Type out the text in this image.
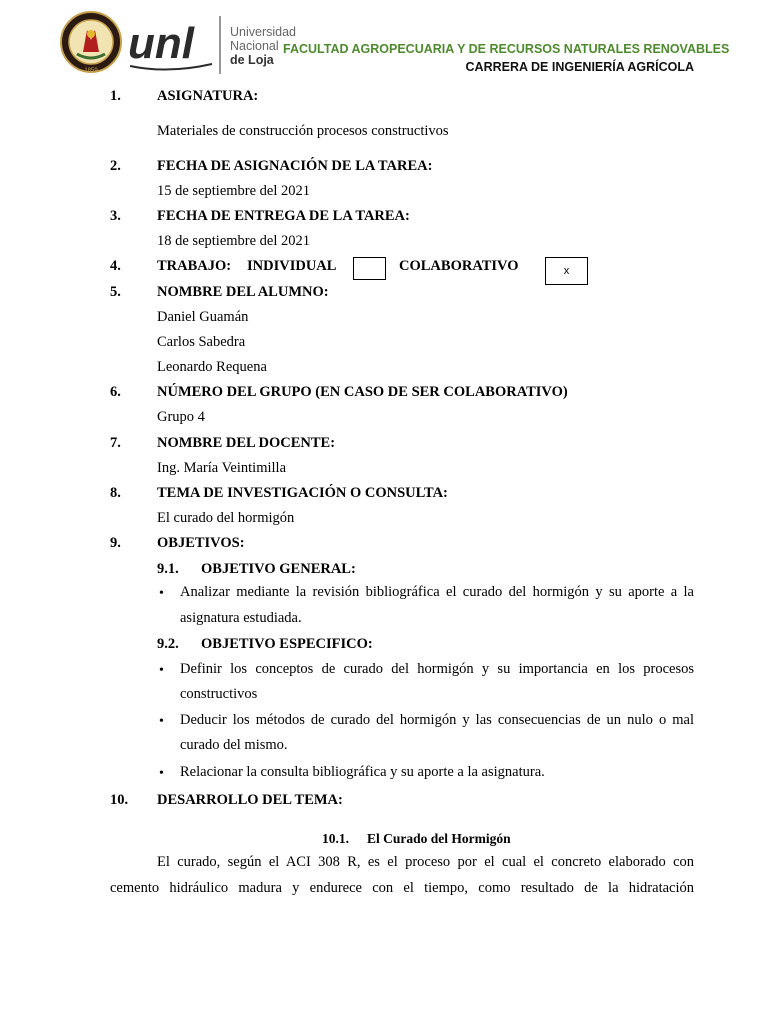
1859
unl	Universidad
Nacional
de Loja
FACULTAD AGROPECUARIA Y DE RECURSOS NATURALES RENOVABLES
CARRERA DE INGENIERÍA AGRÍCOLA
1. ASIGNATURA:
Materiales de construcción procesos constructivos
2. FECHA DE ASIGNACIÓN DE LA TAREA:
15 de septiembre del 2021
3. FECHA DE ENTREGA DE LA TAREA:
18 de septiembre del 2021
4. TRABAJO: INDIVIDUAL	COLABORATIVO	x
5. NOMBRE DEL ALUMNO:
Daniel Guamán
Carlos Sabedra
Leonardo Requena
6. NÚMERO DEL GRUPO (EN CASO DE SER COLABORATIVO)
Grupo 4
7. NOMBRE DEL DOCENTE:
Ing. María Veintimilla
8. TEMA DE INVESTIGACIÓN O CONSULTA:
El curado del hormigón
9. OBJETIVOS:
9.1. OBJETIVO GENERAL:
• Analizar mediante la revisión bibliográfica el curado del hormigón y su aporte a la
asignatura estudiada.
9.2. OBJETIVO ESPECIFICO:
• Definir los conceptos de curado del hormigón y su importancia en los procesos
constructivos
• Deducir los métodos de curado del hormigón y las consecuencias de un nulo o mal
curado del mismo.
• Relacionar la consulta bibliográfica y su aporte a la asignatura.
10. DESARROLLO DEL TEMA:
10.1. El Curado del Hormigón
El curado, según el ACI 308 R, es el proceso por el cual el concreto elaborado con
cemento hidráulico madura y endurece con el tiempo, como resultado de la hidratación
